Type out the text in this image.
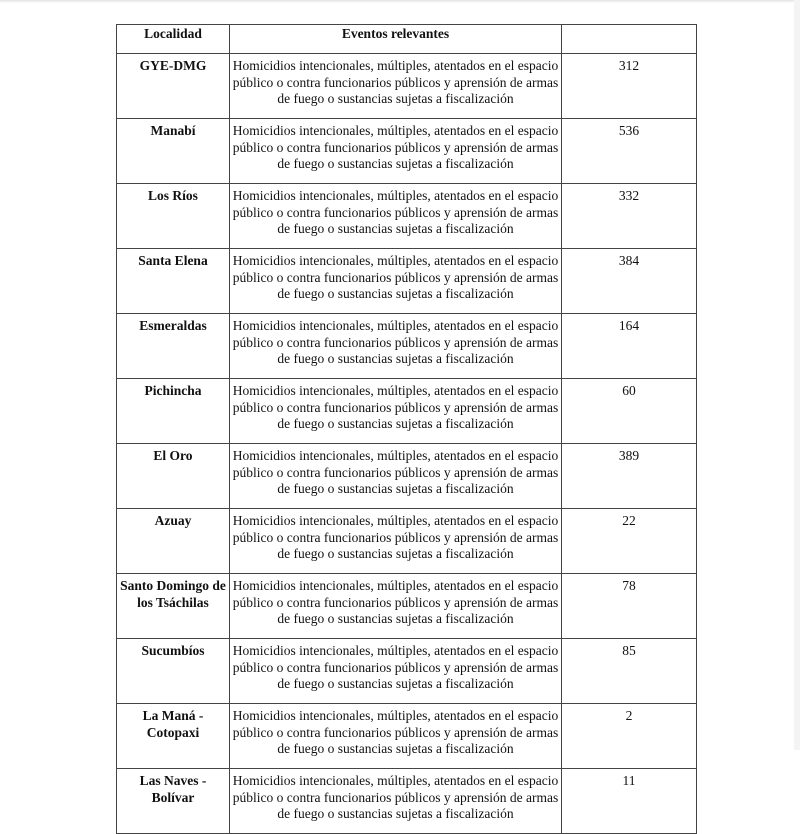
Localidad	Eventos relevantes	
GYE-DMG	Homicidios intencionales, múltiples, atentados en el espacio público o contra funcionarios públicos y aprensión de armas de fuego o sustancias sujetas a fiscalización	312
Manabí	Homicidios intencionales, múltiples, atentados en el espacio público o contra funcionarios públicos y aprensión de armas de fuego o sustancias sujetas a fiscalización	536
Los Ríos	Homicidios intencionales, múltiples, atentados en el espacio público o contra funcionarios públicos y aprensión de armas de fuego o sustancias sujetas a fiscalización	332
Santa Elena	Homicidios intencionales, múltiples, atentados en el espacio público o contra funcionarios públicos y aprensión de armas de fuego o sustancias sujetas a fiscalización	384
Esmeraldas	Homicidios intencionales, múltiples, atentados en el espacio público o contra funcionarios públicos y aprensión de armas de fuego o sustancias sujetas a fiscalización	164
Pichincha	Homicidios intencionales, múltiples, atentados en el espacio público o contra funcionarios públicos y aprensión de armas de fuego o sustancias sujetas a fiscalización	60
El Oro	Homicidios intencionales, múltiples, atentados en el espacio público o contra funcionarios públicos y aprensión de armas de fuego o sustancias sujetas a fiscalización	389
Azuay	Homicidios intencionales, múltiples, atentados en el espacio público o contra funcionarios públicos y aprensión de armas de fuego o sustancias sujetas a fiscalización	22
Santo Domingo de los Tsáchilas	Homicidios intencionales, múltiples, atentados en el espacio público o contra funcionarios públicos y aprensión de armas de fuego o sustancias sujetas a fiscalización	78
Sucumbíos	Homicidios intencionales, múltiples, atentados en el espacio público o contra funcionarios públicos y aprensión de armas de fuego o sustancias sujetas a fiscalización	85
La Maná - Cotopaxi	Homicidios intencionales, múltiples, atentados en el espacio público o contra funcionarios públicos y aprensión de armas de fuego o sustancias sujetas a fiscalización	2
Las Naves - Bolívar	Homicidios intencionales, múltiples, atentados en el espacio público o contra funcionarios públicos y aprensión de armas de fuego o sustancias sujetas a fiscalización	11
